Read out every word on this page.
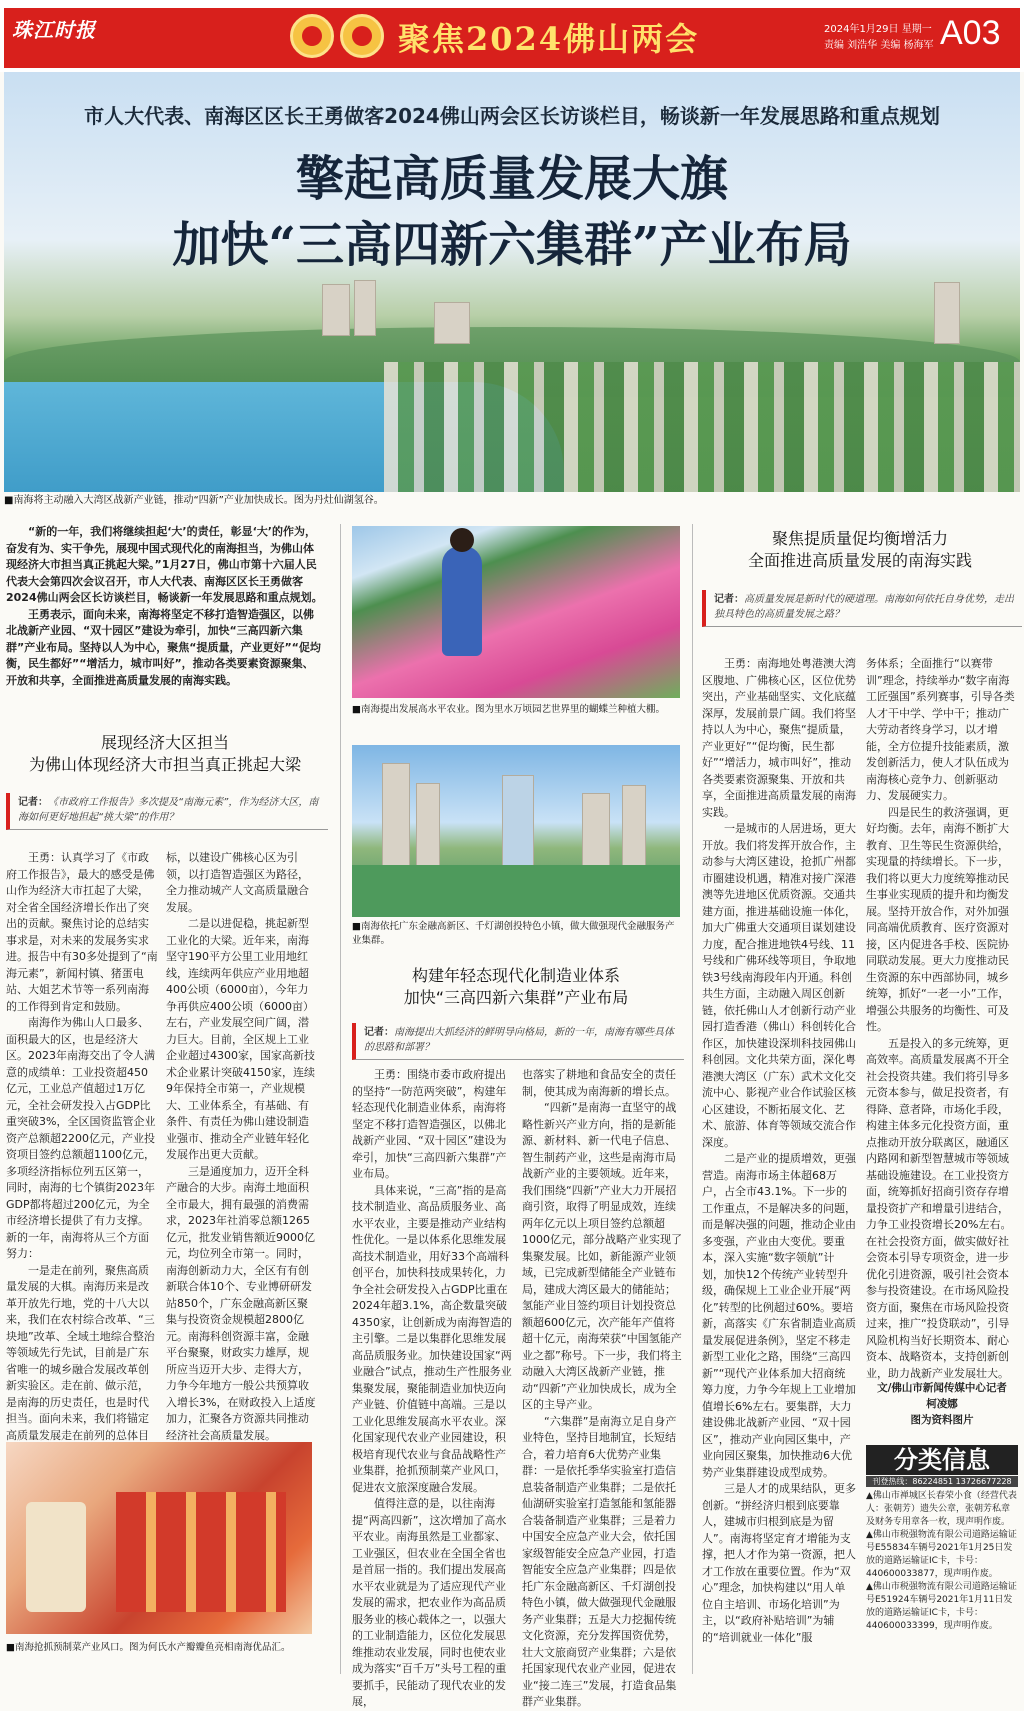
珠江时报	聚焦2024佛山两会	2024年1月29日 星期一
责编 刘浩华 美编 杨海军 A03
市人大代表、南海区区长王勇做客2024佛山两会区长访谈栏目，畅谈新一年发展思路和重点规划
擎起高质量发展大旗
加快“三高四新六集群”产业布局
■南海将主动融入大湾区战新产业链，推动“四新”产业加快成长。图为丹灶仙湖氢谷。

“新的一年，我们将继续担起‘大’的责任，彰显‘大’的作为，奋发有为、实干争先，展现中国式现代化的南海担当，为佛山体现经济大市担当真正挑起大梁。”1月27日，佛山市第十六届人民代表大会第四次会议召开，市人大代表、南海区区长王勇做客2024佛山两会区长访谈栏目，畅谈新一年发展思路和重点规划。

王勇表示，面向未来，南海将坚定不移打造智造强区，以佛北战新产业园、“双十园区”建设为牵引，加快“三高四新六集群”产业布局。坚持以人为中心，聚焦“提质量，产业更好”“促均衡，民生都好”“增活力，城市叫好”，推动各类要素资源聚集、开放和共享，全面推进高质量发展的南海实践。

展现经济大区担当
为佛山体现经济大市担当真正挑起大梁
记者：《市政府工作报告》多次提及“南海元素”，作为经济大区，南海如何更好地担起“挑大梁”的作用？

王勇：认真学习了《市政府工作报告》，最大的感受是佛山作为经济大市扛起了大梁，对全省全国经济增长作出了突出的贡献。聚焦讨论的总结实事求是，对未来的发展务实求进。报告中有30多处提到了“南海元素”，新闻村镇、猪蛋电站、大姐艺术节等一系列南海的工作得到肯定和鼓励。

南海作为佛山人口最多、面积最大的区，也是经济大区。2023年南海交出了令人满意的成绩单：工业投资超450亿元，工业总产值超过1万亿元，全社会研发投入占GDP比重突破3%，全区国资监管企业资产总额超2200亿元，产业投资项目签约总额超1100亿元，多项经济指标位列五区第一，同时，南海的七个镇街2023年GDP都将超过200亿元，为全市经济增长提供了有力支撑。新的一年，南海将从三个方面努力：

一是走在前列，聚焦高质量发展的大棋。南海历来是改革开放先行地，党的十八大以来，我们在农村综合改革、“三块地”改革、全域土地综合整治等领域先行先试，目前是广东省唯一的城乡融合发展改革创新实验区。走在前、做示范，是南海的历史责任，也是时代担当。面向未来，我们将锚定高质量发展走在前列的总体目

标，以建设广佛核心区为引领，以打造智造强区为路径，全力推动城产人文高质量融合发展。

二是以进促稳，挑起新型工业化的大梁。近年来，南海坚守190平方公里工业用地红线，连续两年供应产业用地超400公顷（6000亩），今年力争再供应400公顷（6000亩）左右，产业发展空间广阔，潜力巨大。目前，全区规上工业企业超过4300家，国家高新技术企业累计突破4150家，连续9年保持全市第一，产业规模大、工业体系全，有基础、有条件、有责任为佛山建设制造业强市、推动全产业链年轻化发展作出更大贡献。

三是通度加力，迈开全科产融合的大步。南海土地面积全市最大，拥有最强的消费需求，2023年社消零总额1265亿元，批发业销售额近9000亿元，均位列全市第一。同时，南海创新动力大，全区有有创新联合体10个、专业博研研发站850个，广东金融高新区聚集与投资资金规模超2800亿元。南海科创资源丰富，金融平台聚聚，财政实力雄厚，规所应当迈开大步、走得大方，力争今年地方一般公共预算收入增长3%，在财政投入上适度加力，汇聚各方资源共同推动经济社会高质量发展。

■南海提出发展高水平农业。图为里水万顷园艺世界里的蝴蝶兰种植大棚。
■南海依托广东金融高新区、千灯湖创投特色小镇，做大做强现代金融服务产业集群。
构建年轻态现代化制造业体系
加快“三高四新六集群”产业布局
记者：南海提出大抓经济的鲜明导向格局，新的一年，南海有哪些具体的思路和部署？

王勇：围绕市委市政府提出的坚持“一防范两突破”，构建年轻态现代化制造业体系，南海将坚定不移打造智造强区，以佛北战新产业园、“双十园区”建设为牵引，加快“三高四新六集群”产业布局。

具体来说，“三高”指的是高技术制造业、高品质服务业、高水平农业，主要是推动产业结构性优化。一是以体系化思维发展高技术制造业，用好33个高端科创平台，加快科技成果转化，力争全社会研发投入占GDP比重在2024年超3.1%，高企数量突破4350家，让创新成为南海智造的主引擎。二是以集群化思维发展高品质服务业。加快建设国家“两业融合”试点，推动生产性服务业集聚发展，聚能制造业加快迈向产业链、价值链中高端。三是以工业化思维发展高水平农业。深化国家现代农业产业园建设，积极培育现代农业与食品战略性产业集群，抢抓预制菜产业风口，促进农文旅深度融合发展。

值得注意的是，以往南海提“两高四新”，这次增加了高水平农业。南海虽然是工业都家、工业强区，但农业在全国全省也是首屈一指的。我们提出发展高水平农业就是为了适应现代产业发展的需求，把农业作为高品质服务业的核心载体之一，以强大的工业制造能力，区位化发展思维推动农业发展，同时也使农业成为落实“百千万”头号工程的重要抓手，民能动了现代农业的发展，

也落实了耕地和食品安全的责任制，使其成为南海新的增长点。

“四新”是南海一直坚守的战略性新兴产业方向，指的是新能源、新材料、新一代电子信息、智生制药产业，这些是南海市局战新产业的主要领域。近年来，我们围绕“四新”产业大力开展招商引资，取得了明显成效，连续两年亿元以上项目签约总额超1000亿元，部分战略产业实现了集聚发展。比如，新能源产业领域，已完成新型储能全产业链布局，建成大湾区最大的储能站；氢能产业目签约项目计划投资总额超600亿元，次产能年产值将超十亿元，南海荣获“中国氢能产业之都”称号。下一步，我们将主动融入大湾区战新产业链，推动“四新”产业加快成长，成为全区的主导产业。

“六集群”是南海立足自身产业特色，坚持目地制宜，长短结合，着力培育6大优势产业集群：一是依托季华实验室打造信息装备制造产业集群；二是依托仙湖研实验室打造氢能和氢能器合装备制造产业集群；三是着力中国安全应急产业大会，依托国家级智能安全应急产业园，打造智能安全应急产业集群；四是依托广东金融高新区、千灯湖创投特色小镇，做大做强现代金融服务产业集群；五是大力挖掘传统文化资源，充分发挥国资优势，壮大文旅商贸产业集群；六是依托国家现代农业产业园，促进农业“接二连三”发展，打造食品集群产业集群。

■南海抢抓预制菜产业风口。图为何氏水产瓣瓣鱼亮相南海优品汇。
聚焦提质量促均衡增活力
全面推进高质量发展的南海实践
记者：高质量发展是新时代的硬道理。南海如何依托自身优势，走出独具特色的高质量发展之路？

王勇：南海地处粤港澳大湾区腹地、广佛核心区，区位优势突出，产业基础坚实、文化底蕴深厚，发展前景广阔。我们将坚持以人为中心，聚焦“提质量，产业更好”“促均衡，民生都好”“增活力，城市叫好”，推动各类要素资源聚集、开放和共享，全面推进高质量发展的南海实践。

一是城市的人居进场，更大开放。我们将发挥开放合作，主动参与大湾区建设，抢抓广州都市圈建设机遇，精准对接广深港澳等先进地区优质资源。交通共建方面，推进基础设施一体化，加大广佛重大交通项目谋划建设力度，配合推进地铁4号线、11号线和广佛环线等项目，争取地铁3号线南海段年内开通。科创共生方面，主动融入周区创新链，依托佛山人才创新行动产业园打造香港（佛山）科创转化合作区，加快建设深圳科技园佛山科创园。文化共荣方面，深化粤港澳大湾区（广东）武术文化交流中心、影视产业合作试验区核心区建设，不断拓展文化、艺术、旅游、体育等领域交流合作深度。

二是产业的提质增效，更强营造。南海市场主体超68万户，占全市43.1%。下一步的工作重点，不是解决多的问题，而是解决强的问题，推动企业由多变强，产业由大变优。要重本，深入实施“数字领航”计划，加快12个传统产业转型升级，确保规上工业企业开展“两化”转型的比例超过60%。要培新，高落实《广东省制造业高质量发展促进条例》，坚定不移走新型工业化之路，围绕“三高四新”“现代产业体系加大招商统筹力度，力争今年规上工业增加值增长6%左右。要集群，大力建设佛北战新产业园、“双十园区”，推动产业向园区集中，产业向园区聚集，加快推动6大优势产业集群建设成型成势。

三是人才的成果结队，更多创新。“拼经济归根到底要靠人，建城市归根到底是为留人”。南海将坚定育才增能为支撑，把人才作为第一资源，把人才工作放在重要位置。作为“双心”理念，加快构建以“用人单位自主培训、市场化培训”为主，以“政府补贴培训”为辅的“培训就业一体化”服

务体系；全面推行“以赛带训”理念，持续举办“数字南海 工匠强国”系列赛事，引导各类人才干中学、学中干；推动广大劳动者终身学习，以才增能，全方位提升技能素质，激发创新活力，使人才队伍成为南海核心竞争力、创新驱动力、发展硬实力。

四是民生的救济强调，更好均衡。去年，南海不断扩大教育、卫生等民生资源供给，实现量的持续增长。下一步，我们将以更大力度统筹推动民生事业实现质的提升和均衡发展。坚持开放合作，对外加强同高端优质教育、医疗资源对接，区内促进各手校、医院协同联动发展。更大力度推动民生资源的东中西部协同，城乡统筹，抓好“一老一小”工作，增强公共服务的均衡性、可及性。

五是投入的多元统筹，更高效率。高质量发展离不开全社会投资共建。我们将引导多元资本参与，做足投资者，有得降、意者降，市场化手段，构建主体多元化投资方面，重点推动开放分联离区，融通区内路网和新型智慧城市等领域基础设施建设。在工业投资方面，统筹抓好招商引资存存增量投资扩产和增量引进结合，力争工业投资增长20%左右。在社会投资方面，做实做好社会资本引导专项资金，进一步优化引进资源，吸引社会资本参与投资建设。在市场风险投资方面，聚焦在市场风险投资过来，推广“投贷联动”，引导风险机构当好长期资本、耐心资本、战略资本，支持创新创业，助力战新产业发展壮大。

文/佛山市新闻传媒中心记者
柯凌娜
图为资料图片
分类信息
刊登热线：86224851 13726677228
▲佛山市禅城区长春荣小食（经营代表人：张朝芳）遗失公章，张朝芳私章及财务专用章各一枚，现声明作废。
▲佛山市税强物流有限公司道路运输证号E55834车辆号2021年1月25日发放的道路运输证IC卡，卡号：440600033877，现声明作废。
▲佛山市税强物流有限公司道路运输证号E51924车辆号2021年1月11日发放的道路运输证IC卡，卡号：440600033399，现声明作废。
